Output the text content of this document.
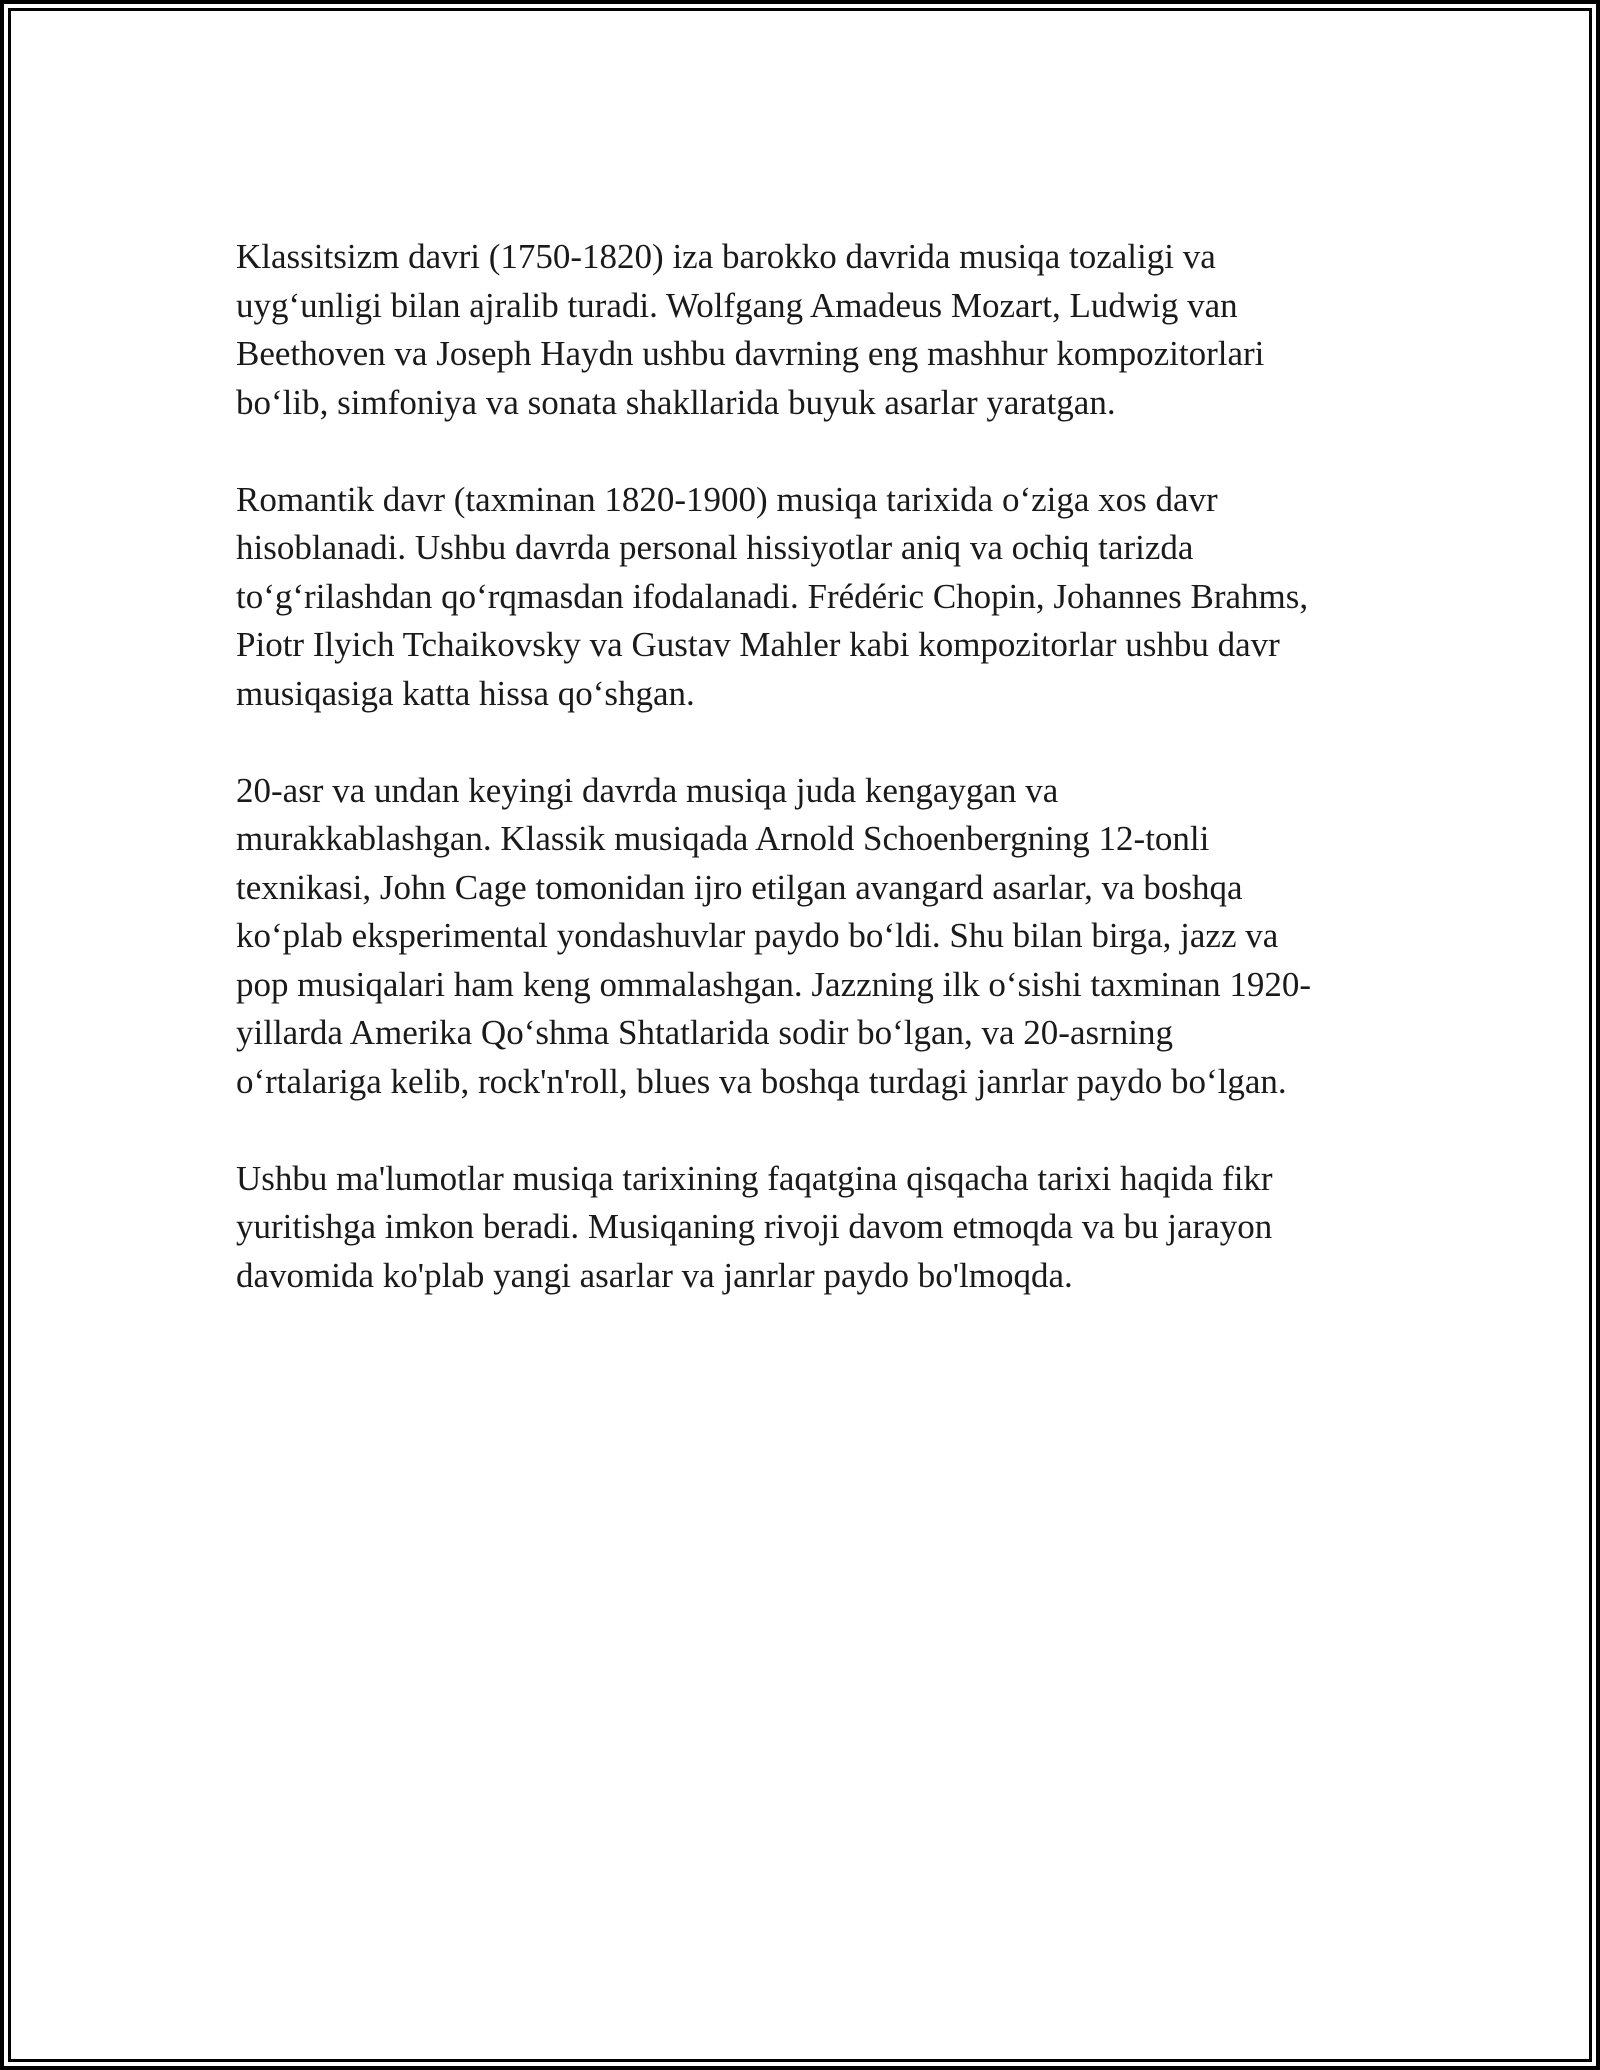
Klassitsizm davri (1750-1820) iza barokko davrida musiqa tozaligi va
uygʻunligi bilan ajralib turadi. Wolfgang Amadeus Mozart, Ludwig van
Beethoven va Joseph Haydn ushbu davrning eng mashhur kompozitorlari
boʻlib, simfoniya va sonata shakllarida buyuk asarlar yaratgan.

Romantik davr (taxminan 1820-1900) musiqa tarixida oʻziga xos davr
hisoblanadi. Ushbu davrda personal hissiyotlar aniq va ochiq tarizda
toʻgʻrilashdan qoʻrqmasdan ifodalanadi. Frédéric Chopin, Johannes Brahms,
Piotr Ilyich Tchaikovsky va Gustav Mahler kabi kompozitorlar ushbu davr
musiqasiga katta hissa qoʻshgan.

20-asr va undan keyingi davrda musiqa juda kengaygan va
murakkablashgan. Klassik musiqada Arnold Schoenbergning 12-tonli
texnikasi, John Cage tomonidan ijro etilgan avangard asarlar, va boshqa
koʻplab eksperimental yondashuvlar paydo boʻldi. Shu bilan birga, jazz va
pop musiqalari ham keng ommalashgan. Jazzning ilk oʻsishi taxminan 1920-
yillarda Amerika Qoʻshma Shtatlarida sodir boʻlgan, va 20-asrning
oʻrtalariga kelib, rock'n'roll, blues va boshqa turdagi janrlar paydo boʻlgan.

Ushbu ma'lumotlar musiqa tarixining faqatgina qisqacha tarixi haqida fikr
yuritishga imkon beradi. Musiqaning rivoji davom etmoqda va bu jarayon
davomida ko'plab yangi asarlar va janrlar paydo bo'lmoqda.
